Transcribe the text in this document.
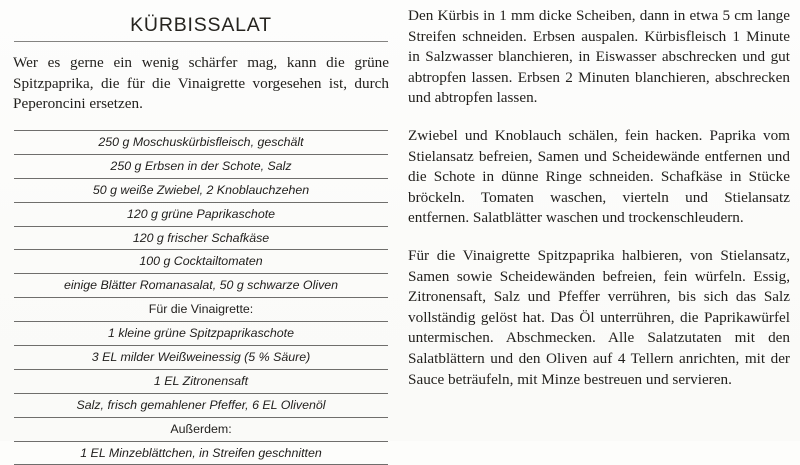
KÜRBISSALAT

Wer es gerne ein wenig schärfer mag, kann die grüne Spitzpaprika, die für die Vinaigrette vorgesehen ist, durch Peperoncini ersetzen.

250 g Moschuskürbisfleisch, geschält
250 g Erbsen in der Schote, Salz
50 g weiße Zwiebel, 2 Knoblauchzehen
120 g grüne Paprikaschote
120 g frischer Schafkäse
100 g Cocktailtomaten
einige Blätter Romanasalat, 50 g schwarze Oliven
Für die Vinaigrette:
1 kleine grüne Spitzpaprikaschote
3 EL milder Weißweinessig (5 % Säure)
1 EL Zitronensaft
Salz, frisch gemahlener Pfeffer, 6 EL Olivenöl
Außerdem:
1 EL Minzeblättchen, in Streifen geschnitten

Den Kürbis in 1 mm dicke Scheiben, dann in etwa 5 cm lange Streifen schneiden. Erbsen auspalen. Kürbisfleisch 1 Minute in Salzwasser blanchieren, in Eiswasser abschrecken und gut abtropfen lassen. Erbsen 2 Minuten blanchieren, abschrecken und abtropfen lassen.

Zwiebel und Knoblauch schälen, fein hacken. Paprika vom Stielansatz befreien, Samen und Scheidewände entfernen und die Schote in dünne Ringe schneiden. Schafkäse in Stücke bröckeln. Tomaten waschen, vierteln und Stielansatz entfernen. Salatblätter waschen und trockenschleudern.

Für die Vinaigrette Spitzpaprika halbieren, von Stielansatz, Samen sowie Scheidewänden befreien, fein würfeln. Essig, Zitronensaft, Salz und Pfeffer verrühren, bis sich das Salz vollständig gelöst hat. Das Öl unterrühren, die Paprikawürfel untermischen. Abschmecken. Alle Salatzutaten mit den Salatblättern und den Oliven auf 4 Tellern anrichten, mit der Sauce beträufeln, mit Minze bestreuen und servieren.
